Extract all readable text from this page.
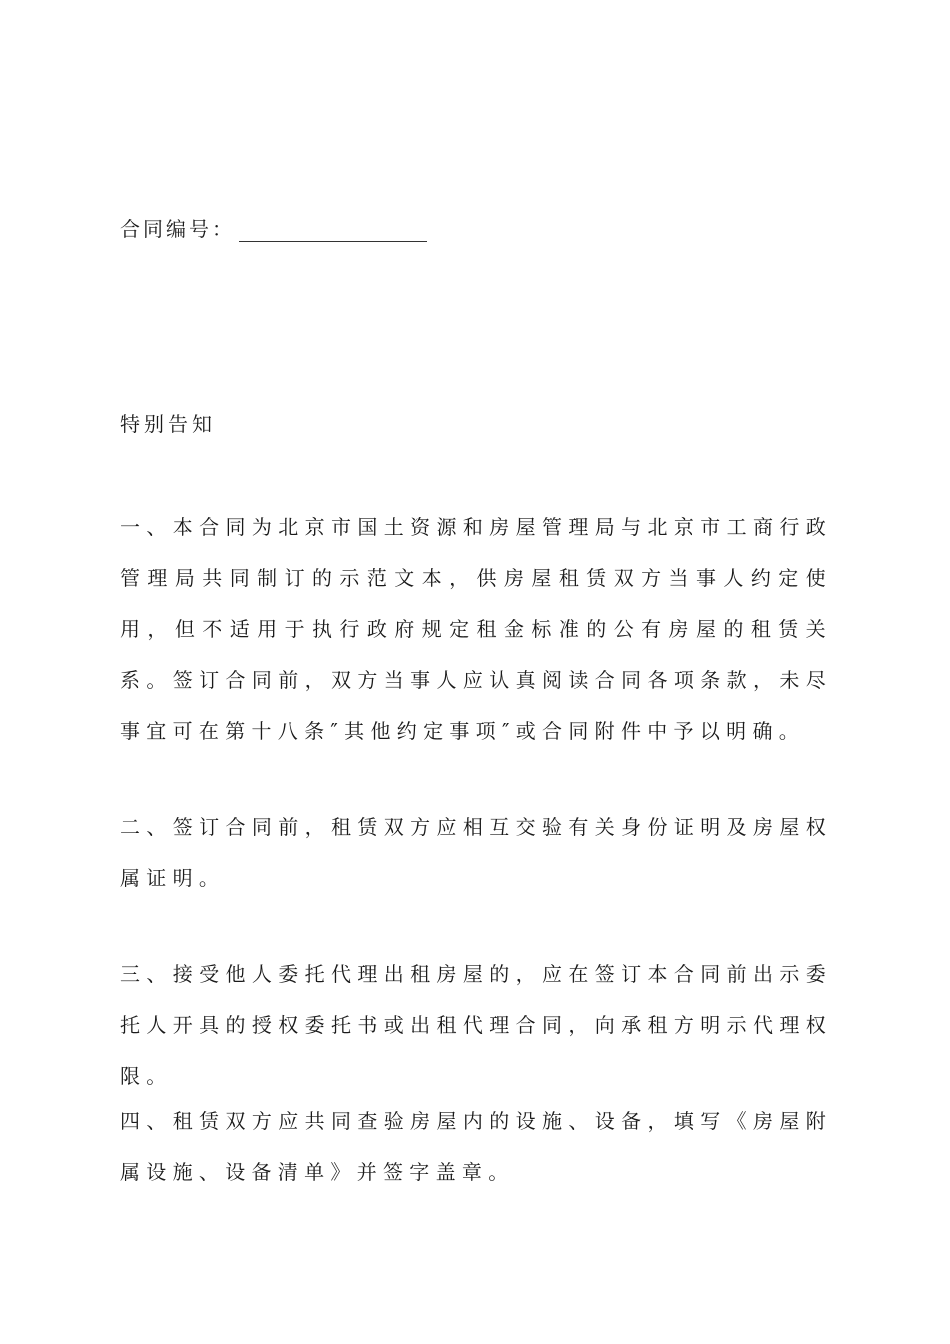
合同编号：
特别告知

一、本合同为北京市国土资源和房屋管理局与北京市工商行政管理局共同制订的示范文本，供房屋租赁双方当事人约定使用，但不适用于执行政府规定租金标准的公有房屋的租赁关系。签订合同前，双方当事人应认真阅读合同各项条款，未尽事宜可在第十八条″其他约定事项″或合同附件中予以明确。

二、签订合同前，租赁双方应相互交验有关身份证明及房屋权属证明。

三、接受他人委托代理出租房屋的，应在签订本合同前出示委托人开具的授权委托书或出租代理合同，向承租方明示代理权限。

四、租赁双方应共同查验房屋内的设施、设备，填写《房屋附属设施、设备清单》并签字盖章。
